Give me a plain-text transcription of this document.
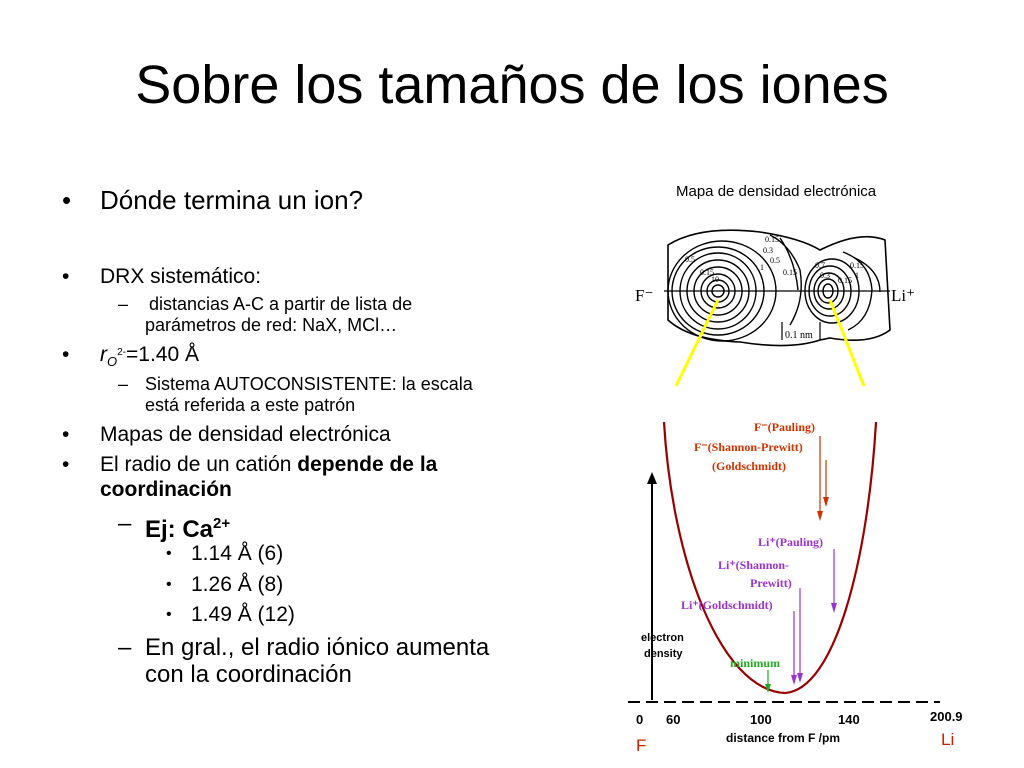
Sobre los tamaños de los iones
• Dónde termina un ion?
• DRX sistemático:
– distancias A-C a partir de lista de
parámetros de red: NaX, MCl…
• $r_{O^{2-}}=1.40$ Å
– Sistema AUTOCONSISTENTE: la escala
está referida a este patrón
• Mapas de densidad electrónica
• El radio de un catión depende de la
coordinación
– Ej: $Ca^{2+}$
• 1.14 Å (6)
• 1.26 Å (8)
• 1.49 Å (12)
– En gral., el radio iónico aumenta
con la coordinación
Mapa de densidad electrónica
0.15
0.3
0.5
0.15
10
0.15
0.5
1	0.7	0.15
1
0.3
0.15
F⁻	Li⁺
0.1 nm
F⁻(Pauling)
F⁻(Shannon-Prewitt)
(Goldschmidt)
Li⁺(Pauling)
Li⁺(Shannon-
Prewitt)
Li⁺(Goldschmidt)
minimum
electron
density
distance from F /pm
0 60	100	140	200.9
F	Li
